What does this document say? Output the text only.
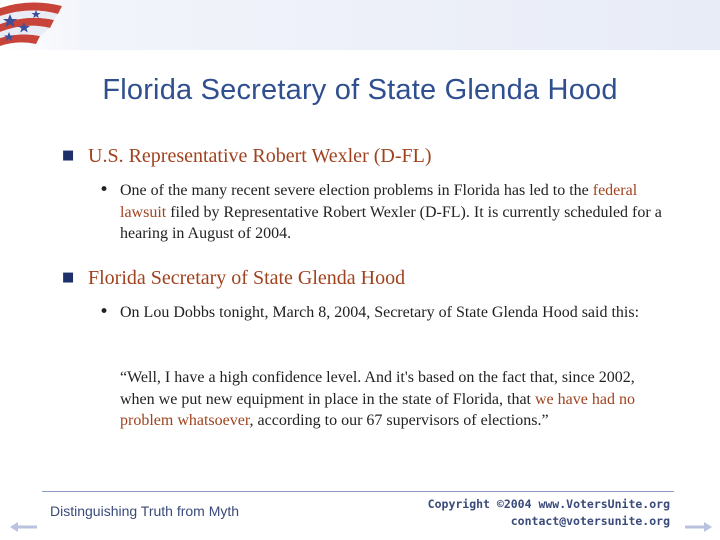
Florida Secretary of State Glenda Hood
■ U.S. Representative Robert Wexler (D-FL)
• One of the many recent severe election problems in Florida has led to the federal lawsuit filed by Representative Robert Wexler (D-FL). It is currently scheduled for a hearing in August of 2004.
■ Florida Secretary of State Glenda Hood
• On Lou Dobbs tonight, March 8, 2004, Secretary of State Glenda Hood said this:
“Well, I have a high confidence level. And it's based on the fact that, since 2002, when we put new equipment in place in the state of Florida, that we have had no problem whatsoever, according to our 67 supervisors of elections.”
Distinguishing Truth from Myth	Copyright ©2004 www.VotersUnite.org
contact@votersunite.org
